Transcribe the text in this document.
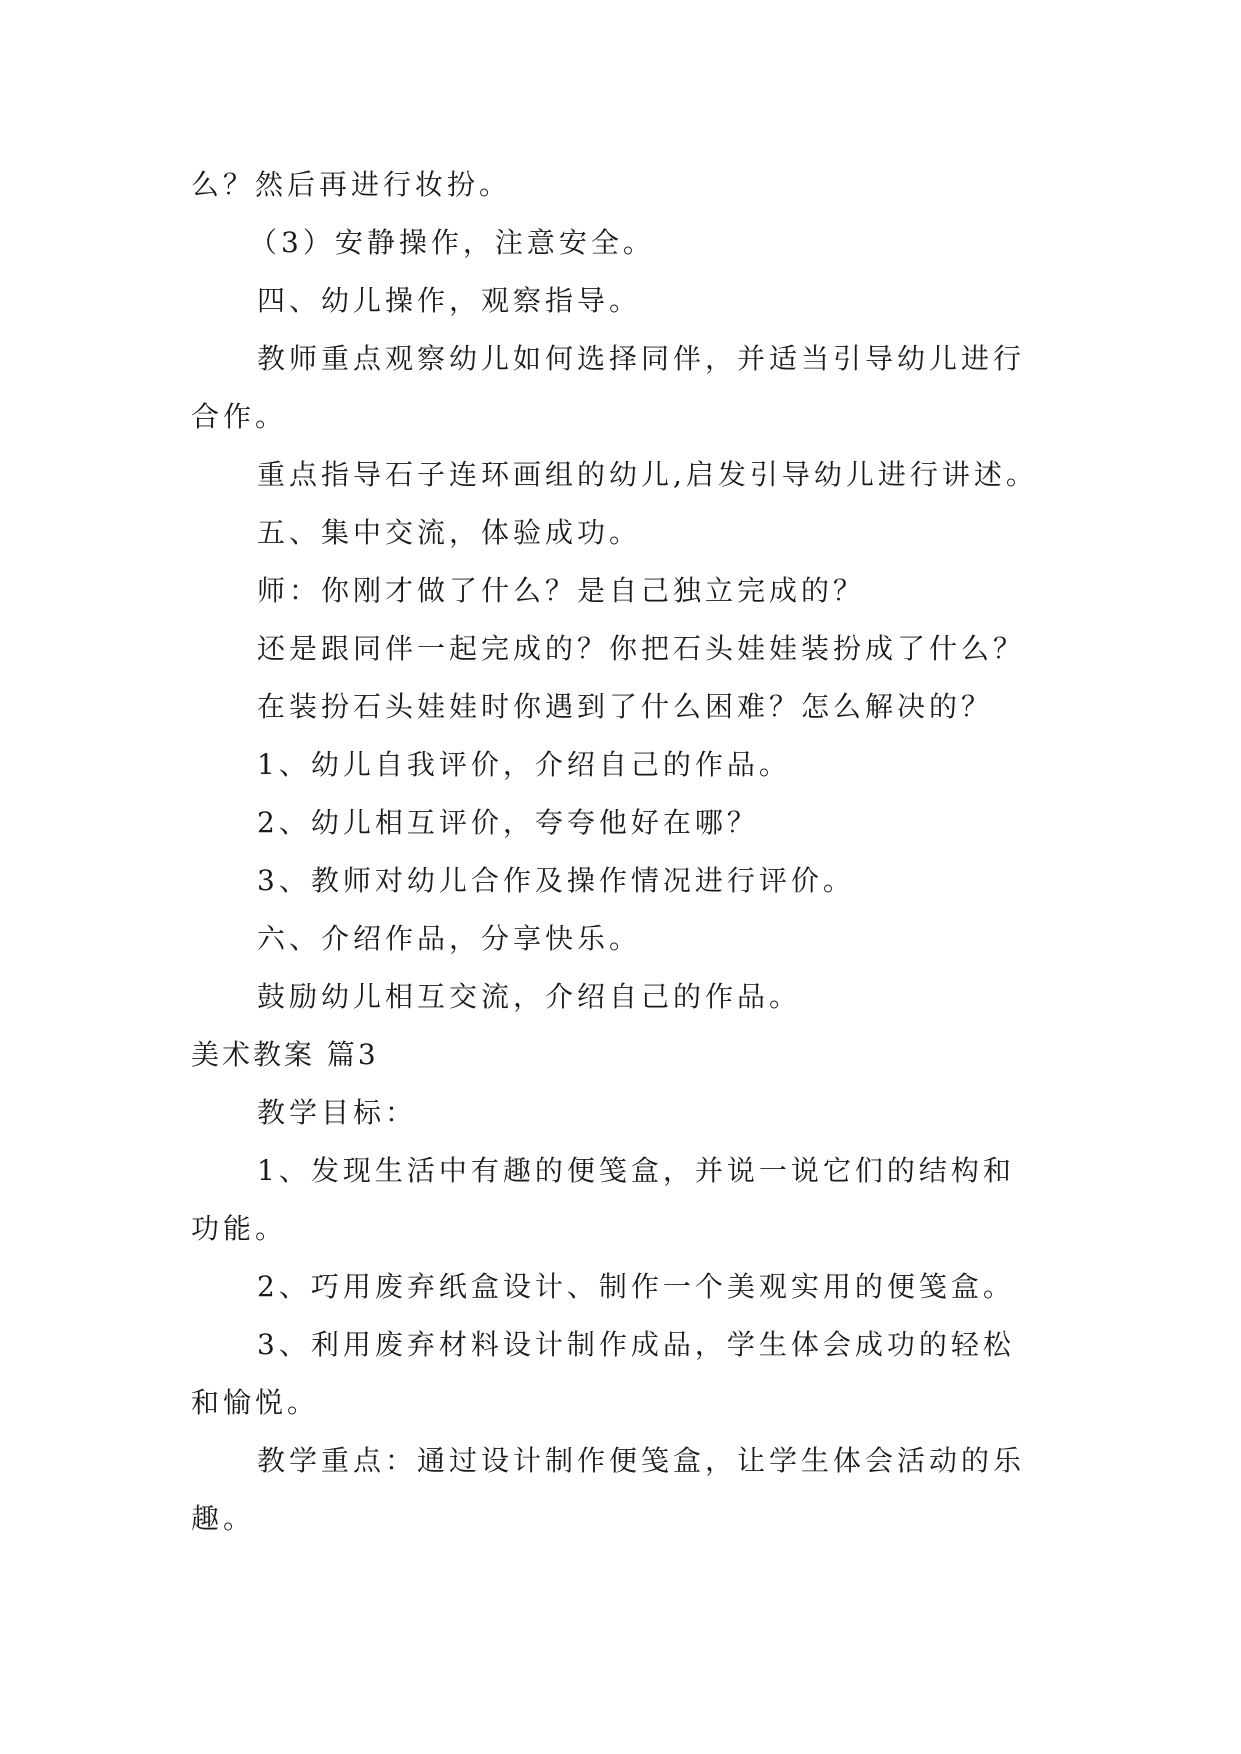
么？然后再进行妆扮。

（3）安静操作，注意安全。

四、幼儿操作，观察指导。

教师重点观察幼儿如何选择同伴，并适当引导幼儿进行

合作。

重点指导石子连环画组的幼儿,启发引导幼儿进行讲述。

五、集中交流，体验成功。

师：你刚才做了什么？是自己独立完成的？

还是跟同伴一起完成的？你把石头娃娃装扮成了什么？

在装扮石头娃娃时你遇到了什么困难？怎么解决的？

1、幼儿自我评价，介绍自己的作品。

2、幼儿相互评价，夸夸他好在哪？

3、教师对幼儿合作及操作情况进行评价。

六、介绍作品，分享快乐。

鼓励幼儿相互交流，介绍自己的作品。

美术教案 篇3

教学目标：

1、发现生活中有趣的便笺盒，并说一说它们的结构和

功能。

2、巧用废弃纸盒设计、制作一个美观实用的便笺盒。

3、利用废弃材料设计制作成品，学生体会成功的轻松

和愉悦。

教学重点：通过设计制作便笺盒，让学生体会活动的乐

趣。
